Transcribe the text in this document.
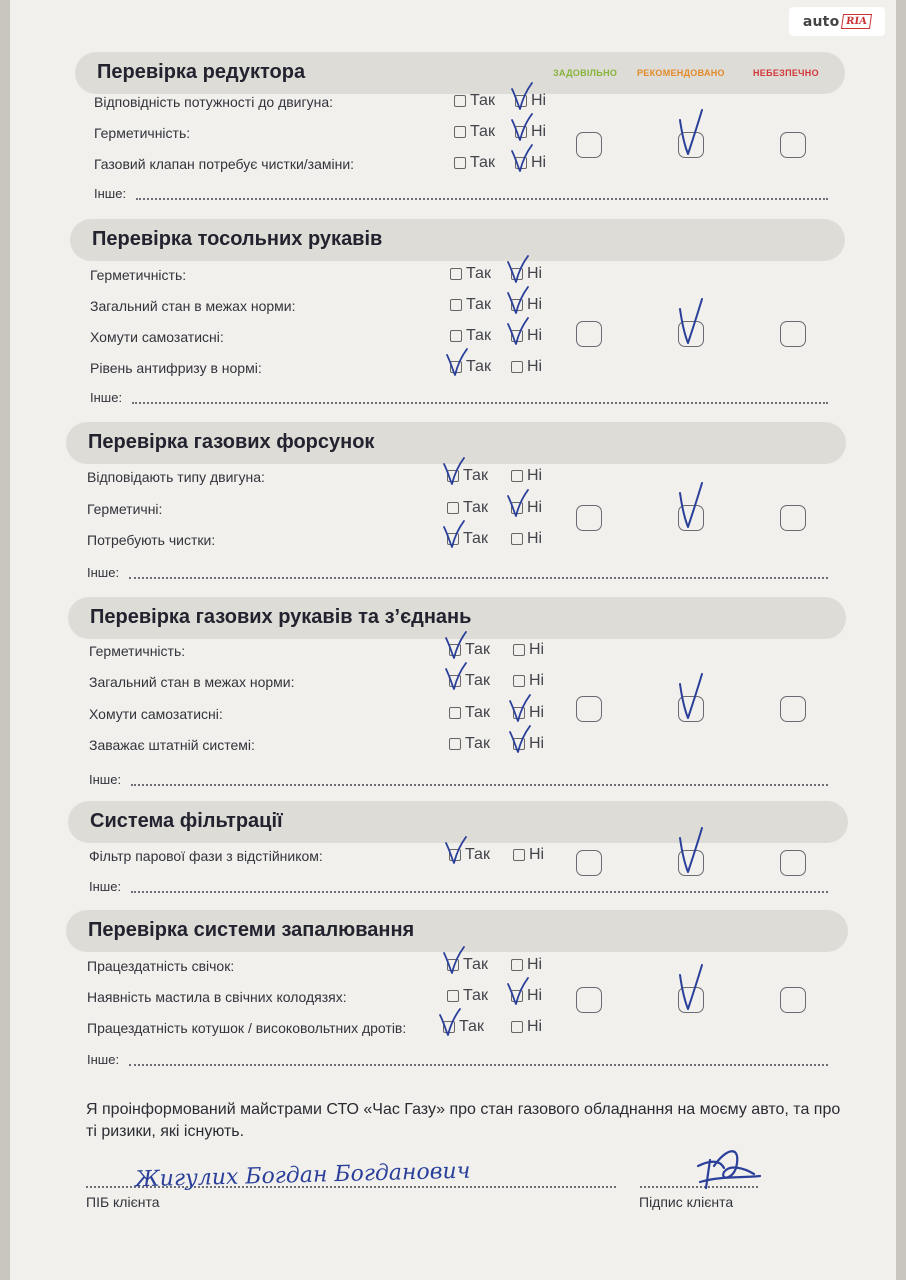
auto RIA
Перевірка редуктора	ЗАДОВІЛЬНО РЕКОМЕНДОВАНО	НЕБЕЗПЕЧНО
Відповідність потужності до двигуна:	Так Ні
Герметичність:	Так Ні
Газовий клапан потребує чистки/заміни:	Так Ні
Інше:
Перевірка тосольних рукавів
Герметичність:	Так Ні
Загальний стан в межах норми:	Так Ні
Хомути самозатисні:	Так Ні
Рівень антифризу в нормі:	Так Ні
Інше:
Перевірка газових форсунок
Відповідають типу двигуна:	Так Ні
Герметичні:	Так Ні
Потребують чистки:	Так Ні
Інше:
Перевірка газових рукавів та з’єднань
Герметичність:	Так Ні
Загальний стан в межах норми:	Так Ні
Хомути самозатисні:	Так Ні
Заважає штатній системі:	Так Ні
Інше:
Система фільтрації
Фільтр парової фази з відстійником:	Так Ні
Інше:
Перевірка системи запалювання
Працездатність свічок:	Так Ні
Наявність мастила в свічних колодязях:	Так Ні
Працездатність котушок / високовольтних дротів:	Так	Ні
Інше:
Я проінформований майстрами СТО «Час Газу» про стан газового обладнання на моєму авто, та про ті ризики, які існують.
Жигулих Богдан Богданович
ПІБ клієнта	Підпис клієнта
